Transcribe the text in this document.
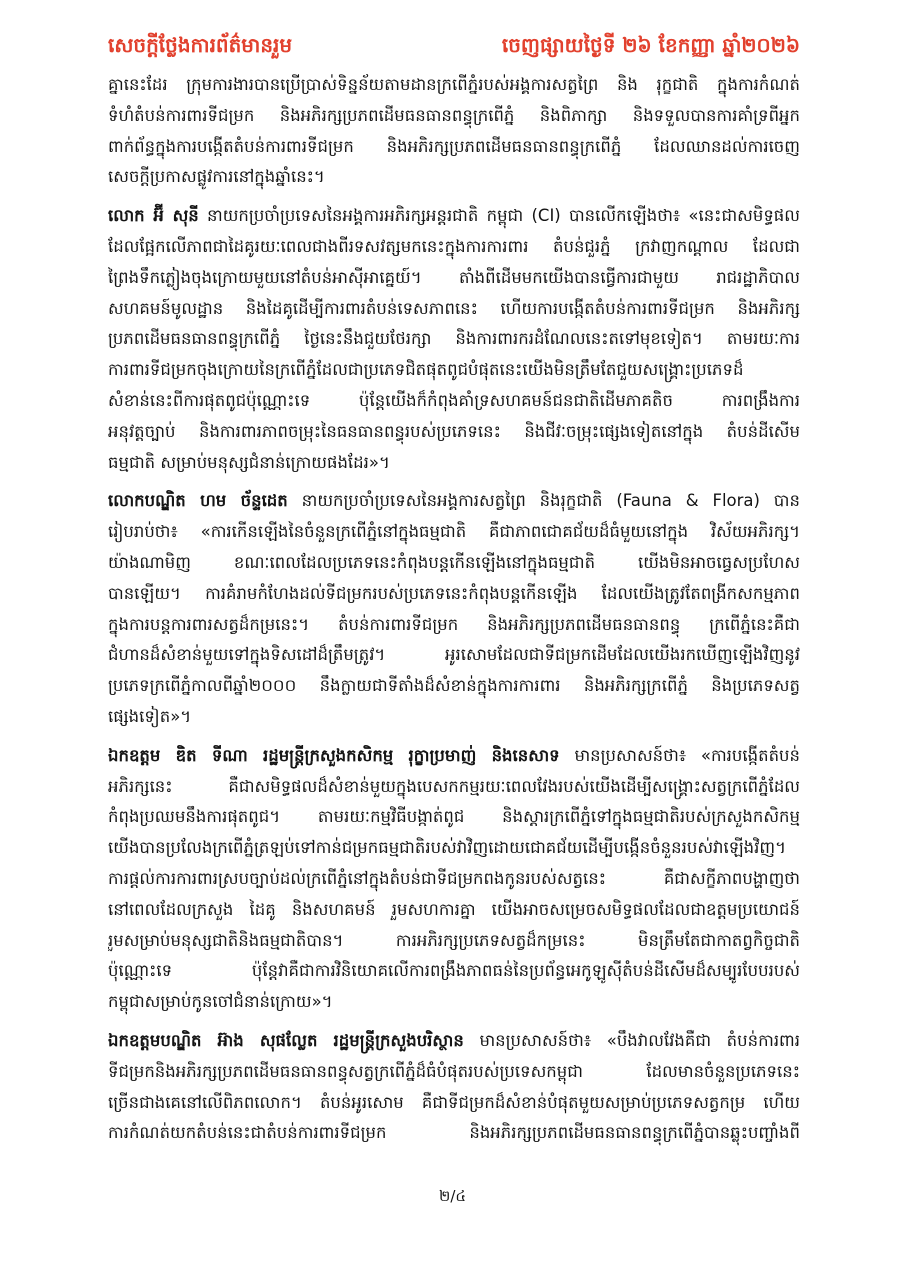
សេចក្ដីថ្លែងការព័ត៌មានរួម	ចេញផ្សាយថ្ងៃទី ២៦ ខែកញ្ញា ឆ្នាំ២០២៦
គ្នានេះដែរ ក្រុមការងារបានប្រើប្រាស់ទិន្នន័យតាមដានក្រពើភ្នំរបស់អង្គការសត្វព្រៃ និង រុក្ខជាតិ ក្នុងការកំណត់
ទំហំតំបន់ការពារទីជម្រក និងអភិរក្សប្រភពដើមធនធានពន្ធុក្រពើភ្នំ និងពិភាក្សា និងទទួលបានការគាំទ្រពីអ្នក
ពាក់ព័ន្ធក្នុងការបង្កើតតំបន់ការពារទីជម្រក និងអភិរក្សប្រភពដើមធនធានពន្ធុក្រពើភ្នំ ដែលឈានដល់ការចេញ
សេចក្ដីប្រកាសផ្លូវការនៅក្នុងឆ្នាំនេះ។
លោក អ៊ី សុនី នាយកប្រចាំប្រទេសនៃអង្គការអភិរក្សអន្តរជាតិ កម្ពុជា (CI) បានលើកឡើងថា៖ «នេះជាសមិទ្ធផល
ដែលផ្អែកលើភាពជាដៃគូរយៈពេលជាងពីរទសវត្សមកនេះក្នុងការការពារ តំបន់ជួរភ្នំ ក្រវាញកណ្ដាល ដែលជា
ព្រៃងទឹកភ្លៀងចុងក្រោយមួយនៅតំបន់អាស៊ីអាគ្នេយ៍។ តាំងពីដើមមកយើងបានធ្វើការជាមួយ រាជរដ្ឋាភិបាល
សហគមន៍មូលដ្ឋាន និងដៃគូដើម្បីការពារតំបន់ទេសភាពនេះ ហើយការបង្កើតតំបន់ការពារទីជម្រក និងអភិរក្ស
ប្រភពដើមធនធានពន្ធុក្រពើភ្នំ ថ្ងៃនេះនឹងជួយថែរក្សា និងការពារករដំណែលនេះតទៅមុខទៀត។ តាមរយៈការ
ការពារទីជម្រកចុងក្រោយនៃក្រពើភ្នំដែលជាប្រភេទជិតផុតពូជបំផុតនេះយើងមិនត្រឹមតែជួយសង្គ្រោះប្រភេទដ៏
សំខាន់នេះពីការផុតពូជប៉ុណ្ណោះទេ ប៉ុន្តែយើងក៏កំពុងគាំទ្រសហគមន៍ជនជាតិដើមភាគតិច ការពង្រឹងការ
អនុវត្តច្បាប់ និងការពារភាពចម្រុះនៃធនធានពន្ធុរបស់ប្រភេទនេះ និងជីវៈចម្រុះផ្សេងទៀតនៅក្នុង តំបន់ដីសើម
ធម្មជាតិ សម្រាប់មនុស្សជំនាន់ក្រោយផងដែរ»។
លោកបណ្ឌិត ហម ច័ន្ទដេត នាយកប្រចាំប្រទេសនៃអង្គការសត្វព្រៃ និងរុក្ខជាតិ (Fauna & Flora) បាន
រៀបរាប់ថា៖ «ការកើនឡើងនៃចំនួនក្រពើភ្នំនៅក្នុងធម្មជាតិ គឺជាភាពជោគជ័យដ៏ធំមួយនៅក្នុង វិស័យអភិរក្ស។
យ៉ាងណាមិញ ខណៈពេលដែលប្រភេទនេះកំពុងបន្តកើនឡើងនៅក្នុងធម្មជាតិ យើងមិនអាចធ្វេសប្រហែស
បានឡើយ។ ការគំរាមកំហែងដល់ទីជម្រករបស់ប្រភេទនេះកំពុងបន្តកើនឡើង ដែលយើងត្រូវតែពង្រីកសកម្មភាព
ក្នុងការបន្តការពារសត្វដ៏កម្រនេះ។ តំបន់ការពារទីជម្រក និងអភិរក្សប្រភពដើមធនធានពន្ធុ ក្រពើភ្នំនេះគឺជា
ជំហានដ៏សំខាន់មួយទៅក្នុងទិសដៅដ៏ត្រឹមត្រូវ។ អូរសោមដែលជាទីជម្រកដើមដែលយើងរកឃើញឡើងវិញនូវ
ប្រភេទក្រពើភ្នំកាលពីឆ្នាំ២០០០ នឹងក្លាយជាទីតាំងដ៏សំខាន់ក្នុងការការពារ និងអភិរក្សក្រពើភ្នំ និងប្រភេទសត្វ
ផ្សេងទៀត»។
ឯកឧត្តម ឌិត ទីណា រដ្ឋមន្ត្រីក្រសួងកសិកម្ម រុក្ខាប្រមាញ់ និងនេសាទ មានប្រសាសន៍ថា៖ «ការបង្កើតតំបន់
អភិរក្សនេះ គឺជាសមិទ្ធផលដ៏សំខាន់មួយក្នុងបេសកកម្មរយៈពេលវែងរបស់យើងដើម្បីសង្គ្រោះសត្វក្រពើភ្នំដែល
កំពុងប្រឈមនឹងការផុតពូជ។ តាមរយៈកម្មវិធីបង្កាត់ពូជ និងស្តារក្រពើភ្នំទៅក្នុងធម្មជាតិរបស់ក្រសួងកសិកម្ម
យើងបានប្រលែងក្រពើភ្នំត្រឡប់ទៅកាន់ជម្រកធម្មជាតិរបស់វាវិញដោយជោគជ័យដើម្បីបង្កើនចំនួនរបស់វាឡើងវិញ។
ការផ្ដល់ការការពារស្របច្បាប់ដល់ក្រពើភ្នំនៅក្នុងតំបន់ជាទីជម្រកពងកូនរបស់សត្វនេះ គឺជាសក្ខីភាពបង្ហាញថា
នៅពេលដែលក្រសួង ដៃគូ និងសហគមន៍ រួមសហការគ្នា យើងអាចសម្រេចសមិទ្ធផលដែលជាឧត្តមប្រយោជន៍
រួមសម្រាប់មនុស្សជាតិនិងធម្មជាតិបាន។ ការអភិរក្សប្រភេទសត្វដ៏កម្រនេះ មិនត្រឹមតែជាកាតព្វកិច្ចជាតិ
ប៉ុណ្ណោះទេ ប៉ុន្តែវាគឺជាការវិនិយោគលើការពង្រឹងភាពធន់នៃប្រព័ន្ធអេកូឡូស៊ីតំបន់ដីសើមដ៏សម្បូរបែបរបស់
កម្ពុជាសម្រាប់កូនចៅជំនាន់ក្រោយ»។
ឯកឧត្តមបណ្ឌិត អ៊ាង សុផល្លែត រដ្ឋមន្ត្រីក្រសួងបរិស្ថាន មានប្រសាសន៍ថា៖ «បឹងវាលវែងគឺជា តំបន់ការពារ
ទីជម្រកនិងអភិរក្សប្រភពដើមធនធានពន្ធុសត្វក្រពើភ្នំដ៏ធំបំផុតរបស់ប្រទេសកម្ពុជា ដែលមានចំនួនប្រភេទនេះ
ច្រើនជាងគេនៅលើពិភពលោក។ តំបន់អូរសោម គឺជាទីជម្រកដ៏សំខាន់បំផុតមួយសម្រាប់ប្រភេទសត្វកម្រ ហើយ
ការកំណត់យកតំបន់នេះជាតំបន់ការពារទីជម្រក និងអភិរក្សប្រភពដើមធនធានពន្ធុក្រពើភ្នំបានឆ្លុះបញ្ចាំងពី
២/៤
